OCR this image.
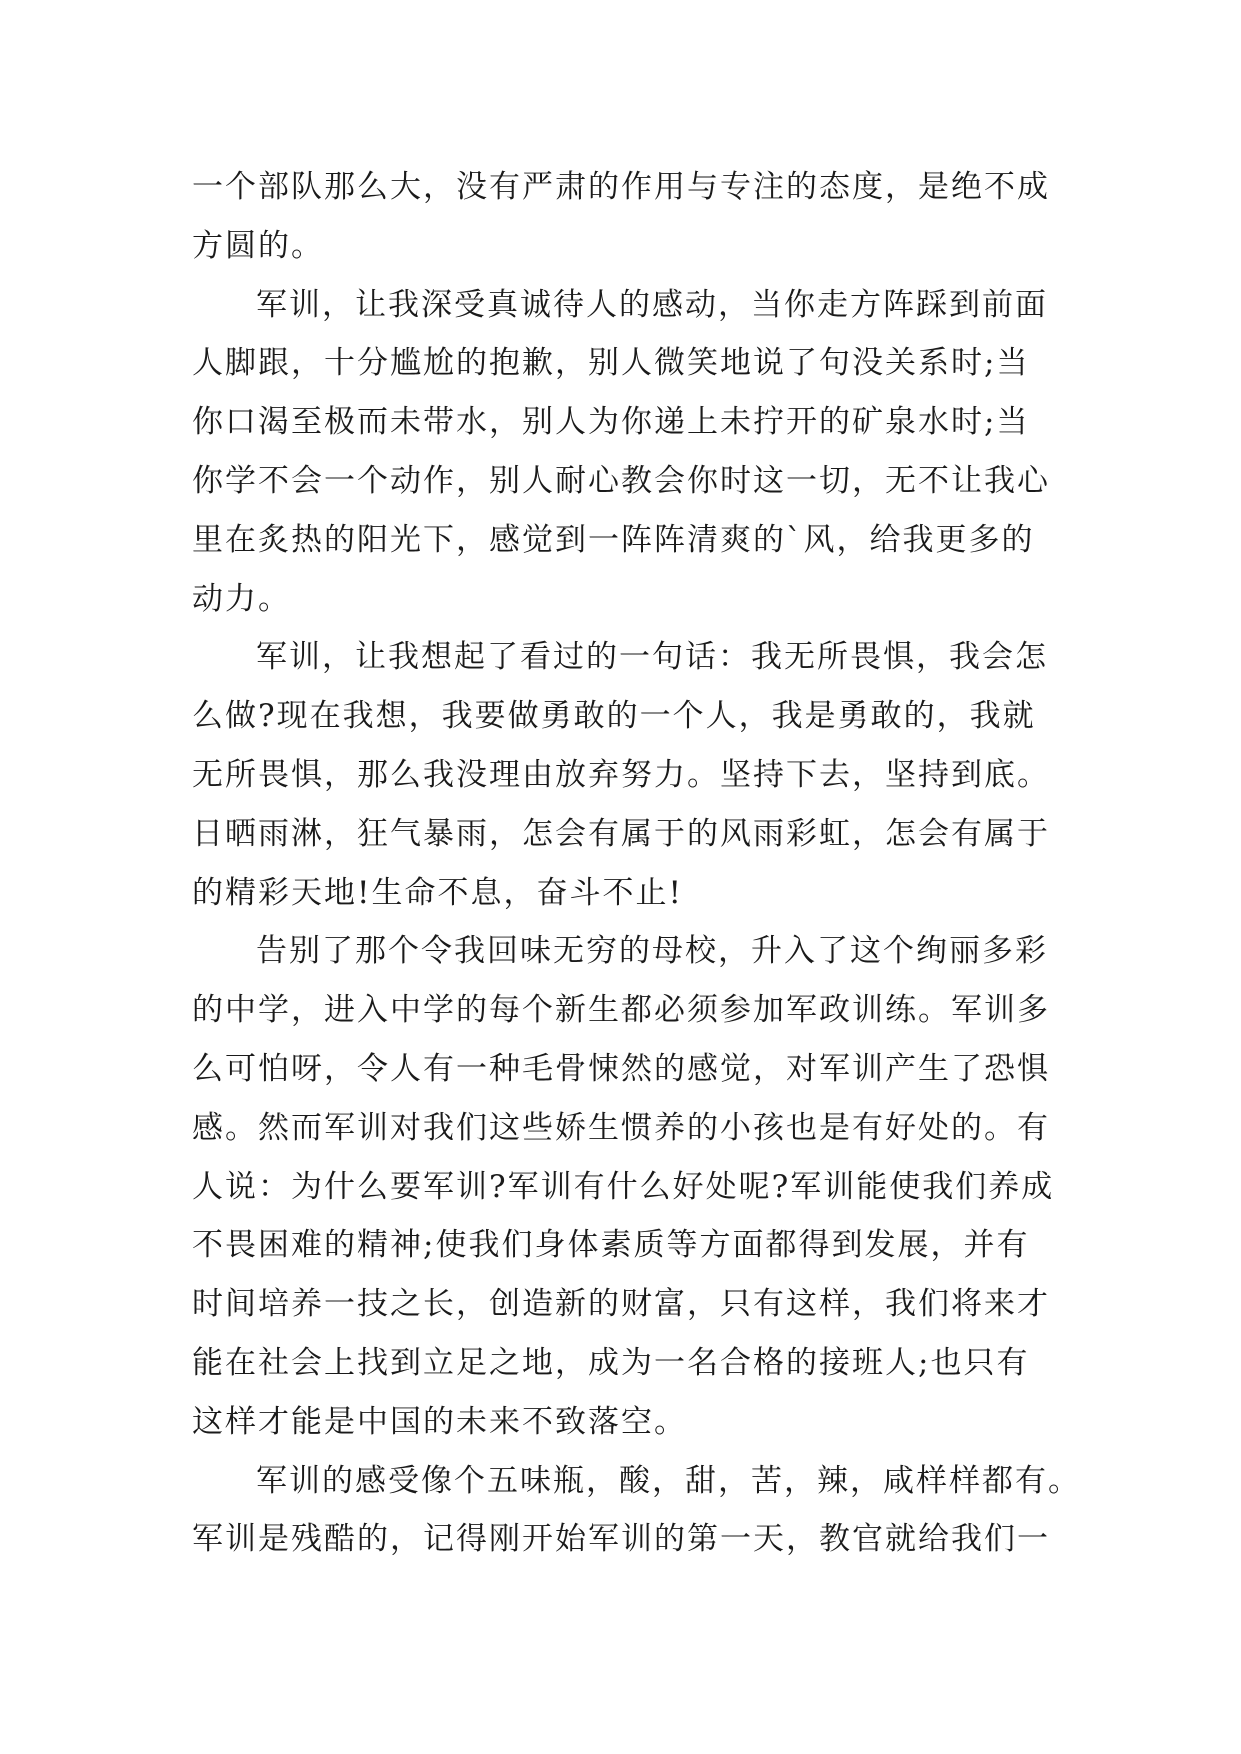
一个部队那么大，没有严肃的作用与专注的态度，是绝不成
方圆的。
军训，让我深受真诚待人的感动，当你走方阵踩到前面
人脚跟，十分尴尬的抱歉，别人微笑地说了句没关系时;当
你口渴至极而未带水，别人为你递上未拧开的矿泉水时;当
你学不会一个动作，别人耐心教会你时这一切，无不让我心
里在炙热的阳光下，感觉到一阵阵清爽的`风，给我更多的
动力。
军训，让我想起了看过的一句话：我无所畏惧，我会怎
么做?现在我想，我要做勇敢的一个人，我是勇敢的，我就
无所畏惧，那么我没理由放弃努力。坚持下去，坚持到底。
日晒雨淋，狂气暴雨，怎会有属于的风雨彩虹，怎会有属于
的精彩天地!生命不息，奋斗不止!
告别了那个令我回味无穷的母校，升入了这个绚丽多彩
的中学，进入中学的每个新生都必须参加军政训练。军训多
么可怕呀，令人有一种毛骨悚然的感觉，对军训产生了恐惧
感。然而军训对我们这些娇生惯养的小孩也是有好处的。有
人说：为什么要军训?军训有什么好处呢?军训能使我们养成
不畏困难的精神;使我们身体素质等方面都得到发展，并有
时间培养一技之长，创造新的财富，只有这样，我们将来才
能在社会上找到立足之地，成为一名合格的接班人;也只有
这样才能是中国的未来不致落空。
军训的感受像个五味瓶，酸，甜，苦，辣，咸样样都有。
军训是残酷的，记得刚开始军训的第一天，教官就给我们一
